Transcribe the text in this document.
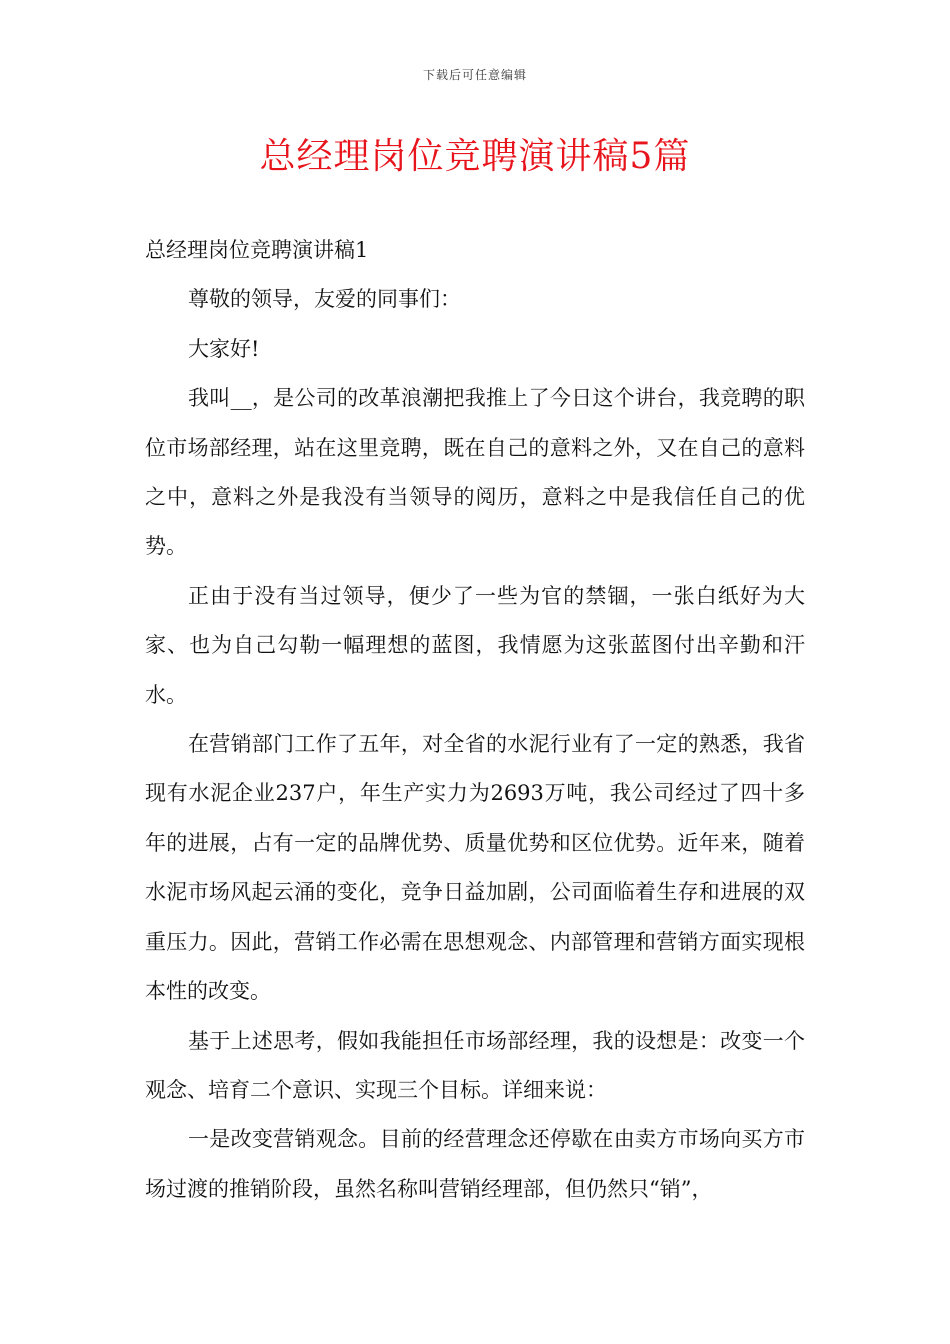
下载后可任意编辑
总经理岗位竞聘演讲稿5篇

总经理岗位竞聘演讲稿1

尊敬的领导，友爱的同事们：

大家好!

我叫__，是公司的改革浪潮把我推上了今日这个讲台，我竞聘的职位市场部经理，站在这里竞聘，既在自己的意料之外，又在自己的意料之中，意料之外是我没有当领导的阅历，意料之中是我信任自己的优势。

正由于没有当过领导，便少了一些为官的禁锢，一张白纸好为大家、也为自己勾勒一幅理想的蓝图，我情愿为这张蓝图付出辛勤和汗水。

在营销部门工作了五年，对全省的水泥行业有了一定的熟悉，我省现有水泥企业237户，年生产实力为2693万吨，我公司经过了四十多年的进展，占有一定的品牌优势、质量优势和区位优势。近年来，随着水泥市场风起云涌的变化，竞争日益加剧，公司面临着生存和进展的双重压力。因此，营销工作必需在思想观念、内部管理和营销方面实现根本性的改变。

基于上述思考，假如我能担任市场部经理，我的设想是：改变一个观念、培育二个意识、实现三个目标。详细来说：

一是改变营销观念。目前的经营理念还停歇在由卖方市场向买方市场过渡的推销阶段，虽然名称叫营销经理部，但仍然只“销”，
